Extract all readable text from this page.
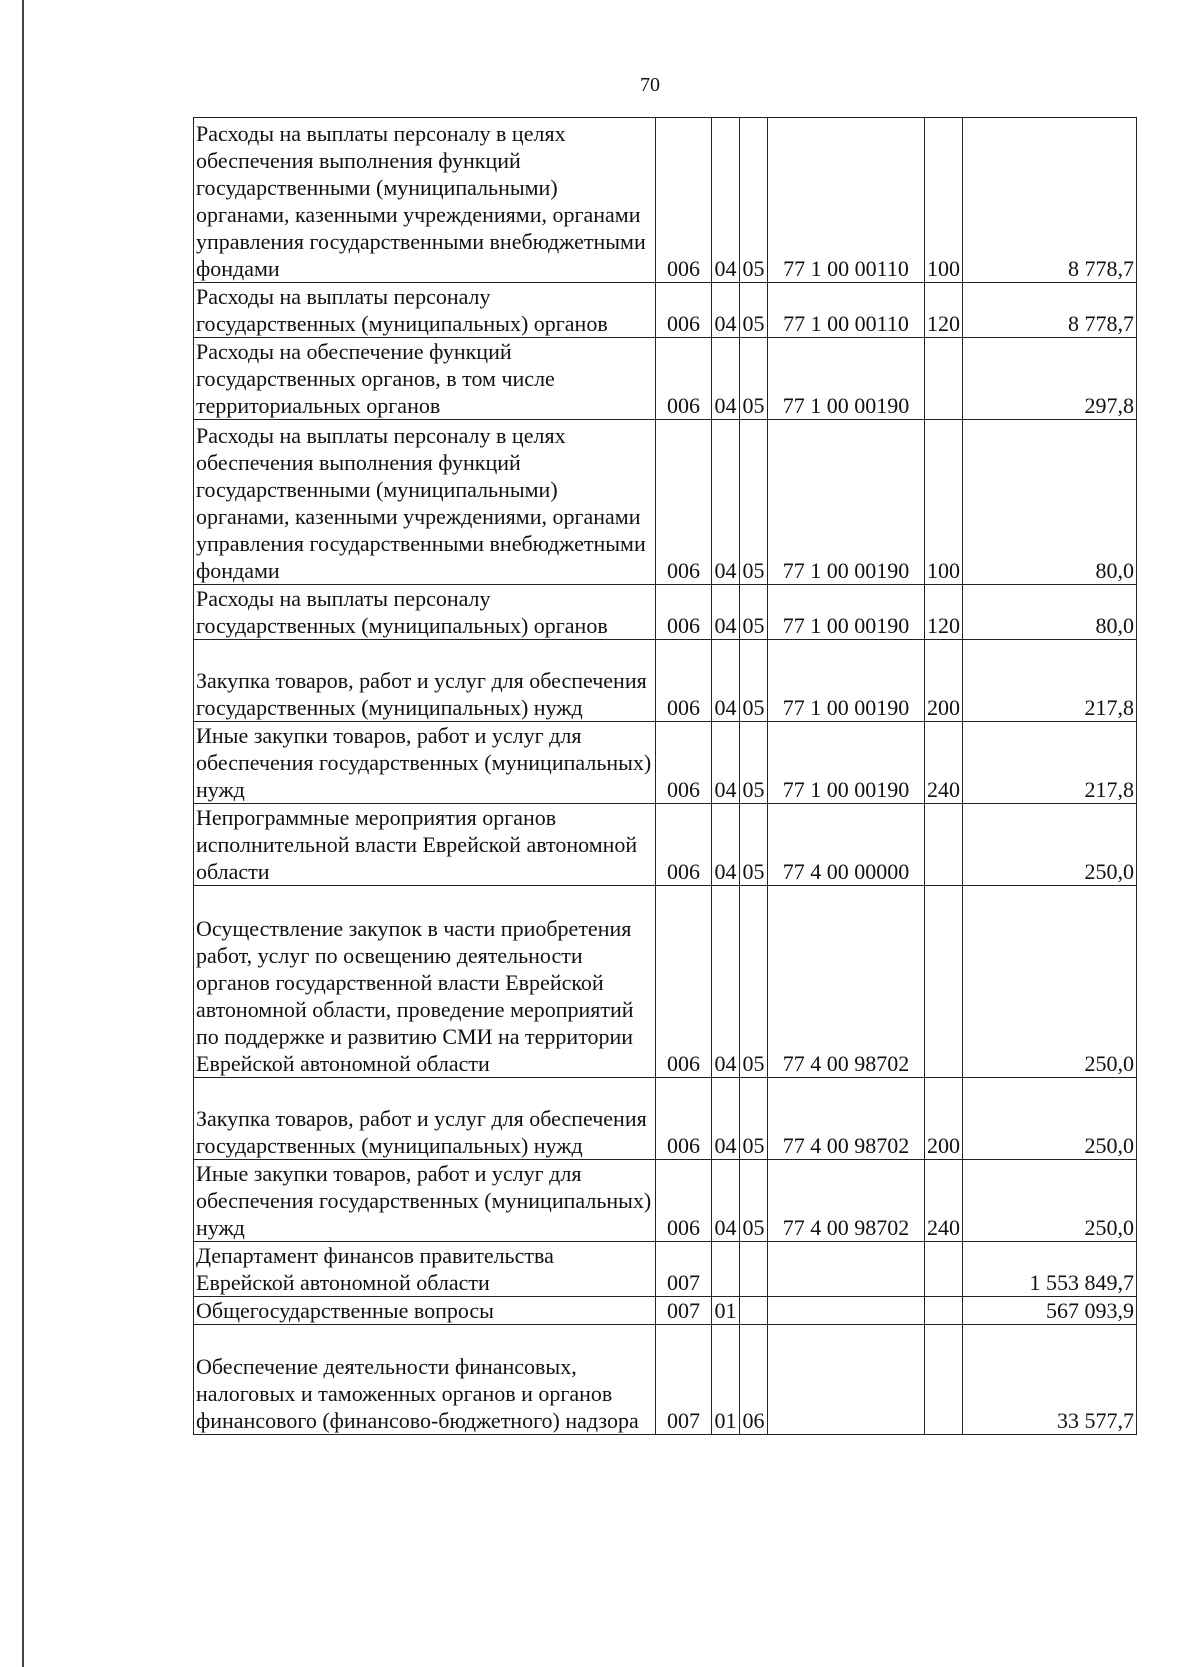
70
Расходы на выплаты персоналу в целях обеспечения выполнения функций государственными (муниципальными) органами, казенными учреждениями, органами управления государственными внебюджетными фондами	006	04	05	77 1 00 00110	100	8 778,7
Расходы на выплаты персоналу государственных (муниципальных) органов	006	04	05	77 1 00 00110	120	8 778,7
Расходы на обеспечение функций государственных органов, в том числе территориальных органов	006	04	05	77 1 00 00190		297,8
Расходы на выплаты персоналу в целях обеспечения выполнения функций государственными (муниципальными) органами, казенными учреждениями, органами управления государственными внебюджетными фондами	006	04	05	77 1 00 00190	100	80,0
Расходы на выплаты персоналу государственных (муниципальных) органов	006	04	05	77 1 00 00190	120	80,0
Закупка товаров, работ и услуг для обеспечения государственных (муниципальных) нужд	006	04	05	77 1 00 00190	200	217,8
Иные закупки товаров, работ и услуг для обеспечения государственных (муниципальных) нужд	006	04	05	77 1 00 00190	240	217,8
Непрограммные мероприятия органов исполнительной власти Еврейской автономной области	006	04	05	77 4 00 00000		250,0
Осуществление закупок в части приобретения работ, услуг по освещению деятельности органов государственной власти Еврейской автономной области, проведение мероприятий по поддержке и развитию СМИ на территории Еврейской автономной области	006	04	05	77 4 00 98702		250,0
Закупка товаров, работ и услуг для обеспечения государственных (муниципальных) нужд	006	04	05	77 4 00 98702	200	250,0
Иные закупки товаров, работ и услуг для обеспечения государственных (муниципальных) нужд	006	04	05	77 4 00 98702	240	250,0
Департамент финансов правительства Еврейской автономной области	007					1 553 849,7
Общегосударственные вопросы	007	01				567 093,9
Обеспечение деятельности финансовых, налоговых и таможенных органов и органов финансового (финансово-бюджетного) надзора	007	01	06			33 577,7
